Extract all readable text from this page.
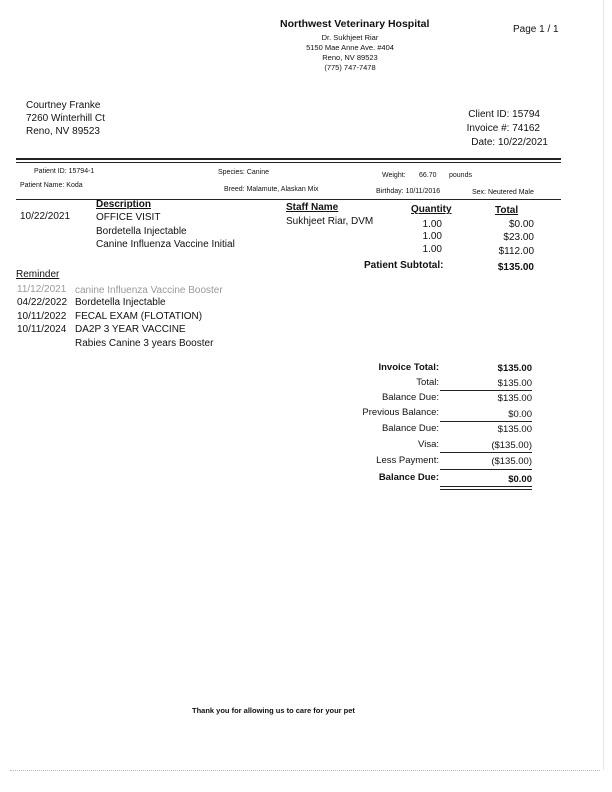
Northwest Veterinary Hospital
Dr. Sukhjeet Riar
5150 Mae Anne Ave. #404
Reno, NV 89523
(775) 747-7478
Page 1 / 1
Courtney Franke
7260 Winterhill Ct
Reno, NV 89523
Client ID: 15794
Invoice #: 74162
Date: 10/22/2021
Patient ID: 15794-1	Species: Canine	Weight: 66.70 pounds
Patient Name: Koda
Breed: Malamute, Alaskan Mix	Birthday: 10/11/2016	Sex: Neutered Male
Description	Staff Name	Quantity	Total
10/22/2021	OFFICE VISIT	Sukhjeet Riar, DVM	1.00	$0.00
Bordetella Injectable	1.00	$23.00
Canine Influenza Vaccine Initial	1.00	$112.00
Patient Subtotal:	$135.00
Reminder
11/12/2021 canine Influenza Vaccine Booster
04/22/2022 Bordetella Injectable
10/11/2022 FECAL EXAM (FLOTATION)
10/11/2024 DA2P 3 YEAR VACCINE
Rabies Canine 3 years Booster
Invoice Total:	$135.00
Total:	$135.00
Balance Due:	$135.00
Previous Balance:	$0.00
Balance Due:	$135.00
Visa:	($135.00)
Less Payment:	($135.00)
Balance Due:	$0.00
Thank you for allowing us to care for your pet
